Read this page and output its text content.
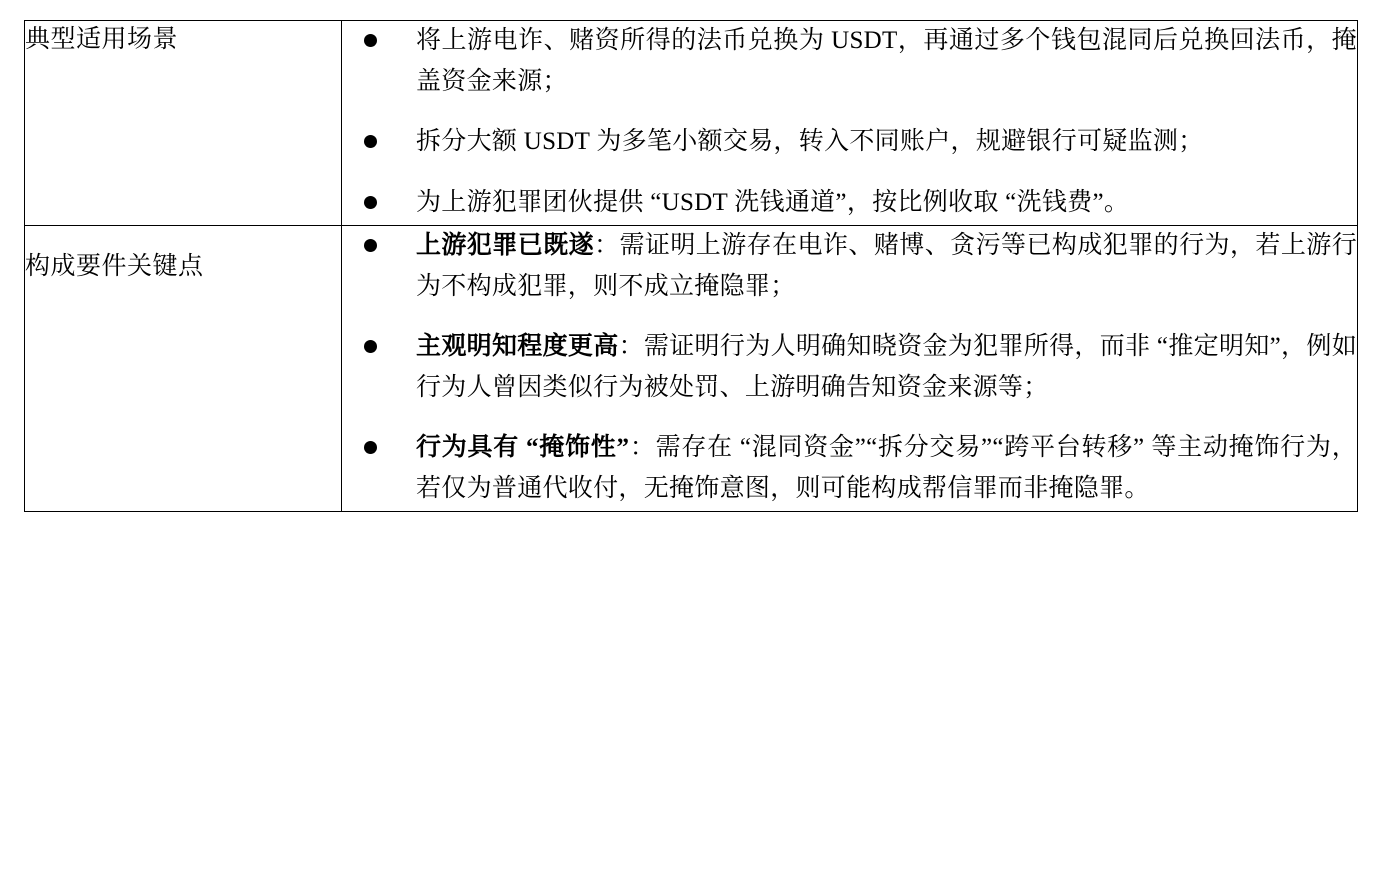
典型适用场景	将上游电诈、赌资所得的法币兑换为 USDT，再通过多个钱包混同后兑换回法币，掩盖资金来源；
拆分大额 USDT 为多笔小额交易，转入不同账户，规避银行可疑监测；
为上游犯罪团伙提供 “USDT 洗钱通道”，按比例收取 “洗钱费”。

构成要件关键点	
上游犯罪已既遂：需证明上游存在电诈、赌博、贪污等已构成犯罪的行为，若上游行为不构成犯罪，则不成立掩隐罪；
主观明知程度更高：需证明行为人明确知晓资金为犯罪所得，而非 “推定明知”，例如行为人曾因类似行为被处罚、上游明确告知资金来源等；
行为具有 “掩饰性”：需存在 “混同资金”“拆分交易”“跨平台转移” 等主动掩饰行为，若仅为普通代收付，无掩饰意图，则可能构成帮信罪而非掩隐罪。
